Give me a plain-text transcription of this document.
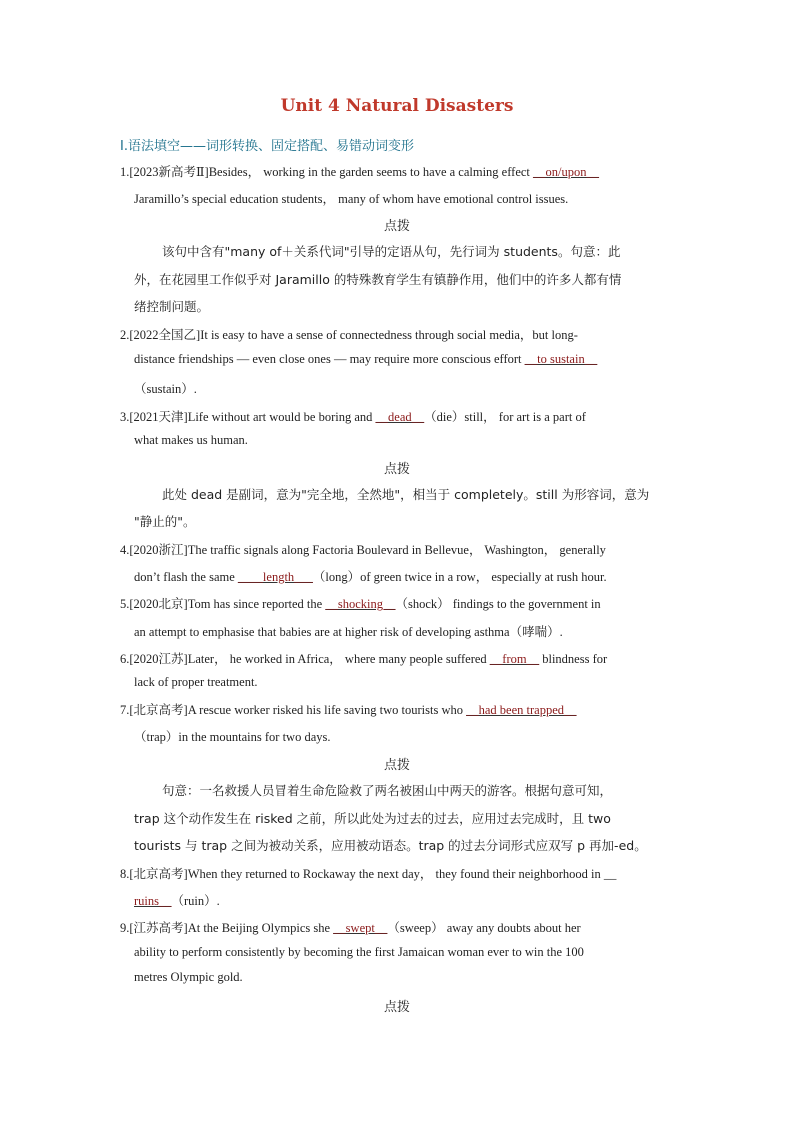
Unit 4 Natural Disasters
Ⅰ.语法填空——词形转换、固定搭配、易错动词变形
1.[2023新高考Ⅱ]Besides， working in the garden seems to have a calming effect __on/upon__
Jaramillo’s special education students， many of whom have emotional control issues.
点拨
该句中含有"many of＋关系代词"引导的定语从句，先行词为 students。句意：此
外，在花园里工作似乎对 Jaramillo 的特殊教育学生有镇静作用，他们中的许多人都有情
绪控制问题。
2.[2022全国乙]It is easy to have a sense of connectedness through social media，but long-
distance friendships — even close ones — may require more conscious effort __to sustain__
（sustain）.
3.[2021天津]Life without art would be boring and __dead__（die）still， for art is a part of
what makes us human.
点拨
此处 dead 是副词，意为"完全地，全然地"，相当于 completely。still 为形容词，意为
"静止的"。
4.[2020浙江]The traffic signals along Factoria Boulevard in Bellevue， Washington， generally
don’t flash the same ____length___（long）of green twice in a row， especially at rush hour.
5.[2020北京]Tom has since reported the __shocking__（shock） findings to the government in
an attempt to emphasise that babies are at higher risk of developing asthma（哮喘）.
6.[2020江苏]Later， he worked in Africa， where many people suffered __from__ blindness for
lack of proper treatment.
7.[北京高考]A rescue worker risked his life saving two tourists who __had been trapped__
（trap）in the mountains for two days.
点拨
句意：一名救援人员冒着生命危险救了两名被困山中两天的游客。根据句意可知，
trap 这个动作发生在 risked 之前，所以此处为过去的过去，应用过去完成时，且 two
tourists 与 trap 之间为被动关系，应用被动语态。trap 的过去分词形式应双写 p 再加-ed。
8.[北京高考]When they returned to Rockaway the next day， they found their neighborhood in __
ruins__（ruin）.
9.[江苏高考]At the Beijing Olympics she __swept__（sweep） away any doubts about her
ability to perform consistently by becoming the first Jamaican woman ever to win the 100
metres Olympic gold.
点拨
